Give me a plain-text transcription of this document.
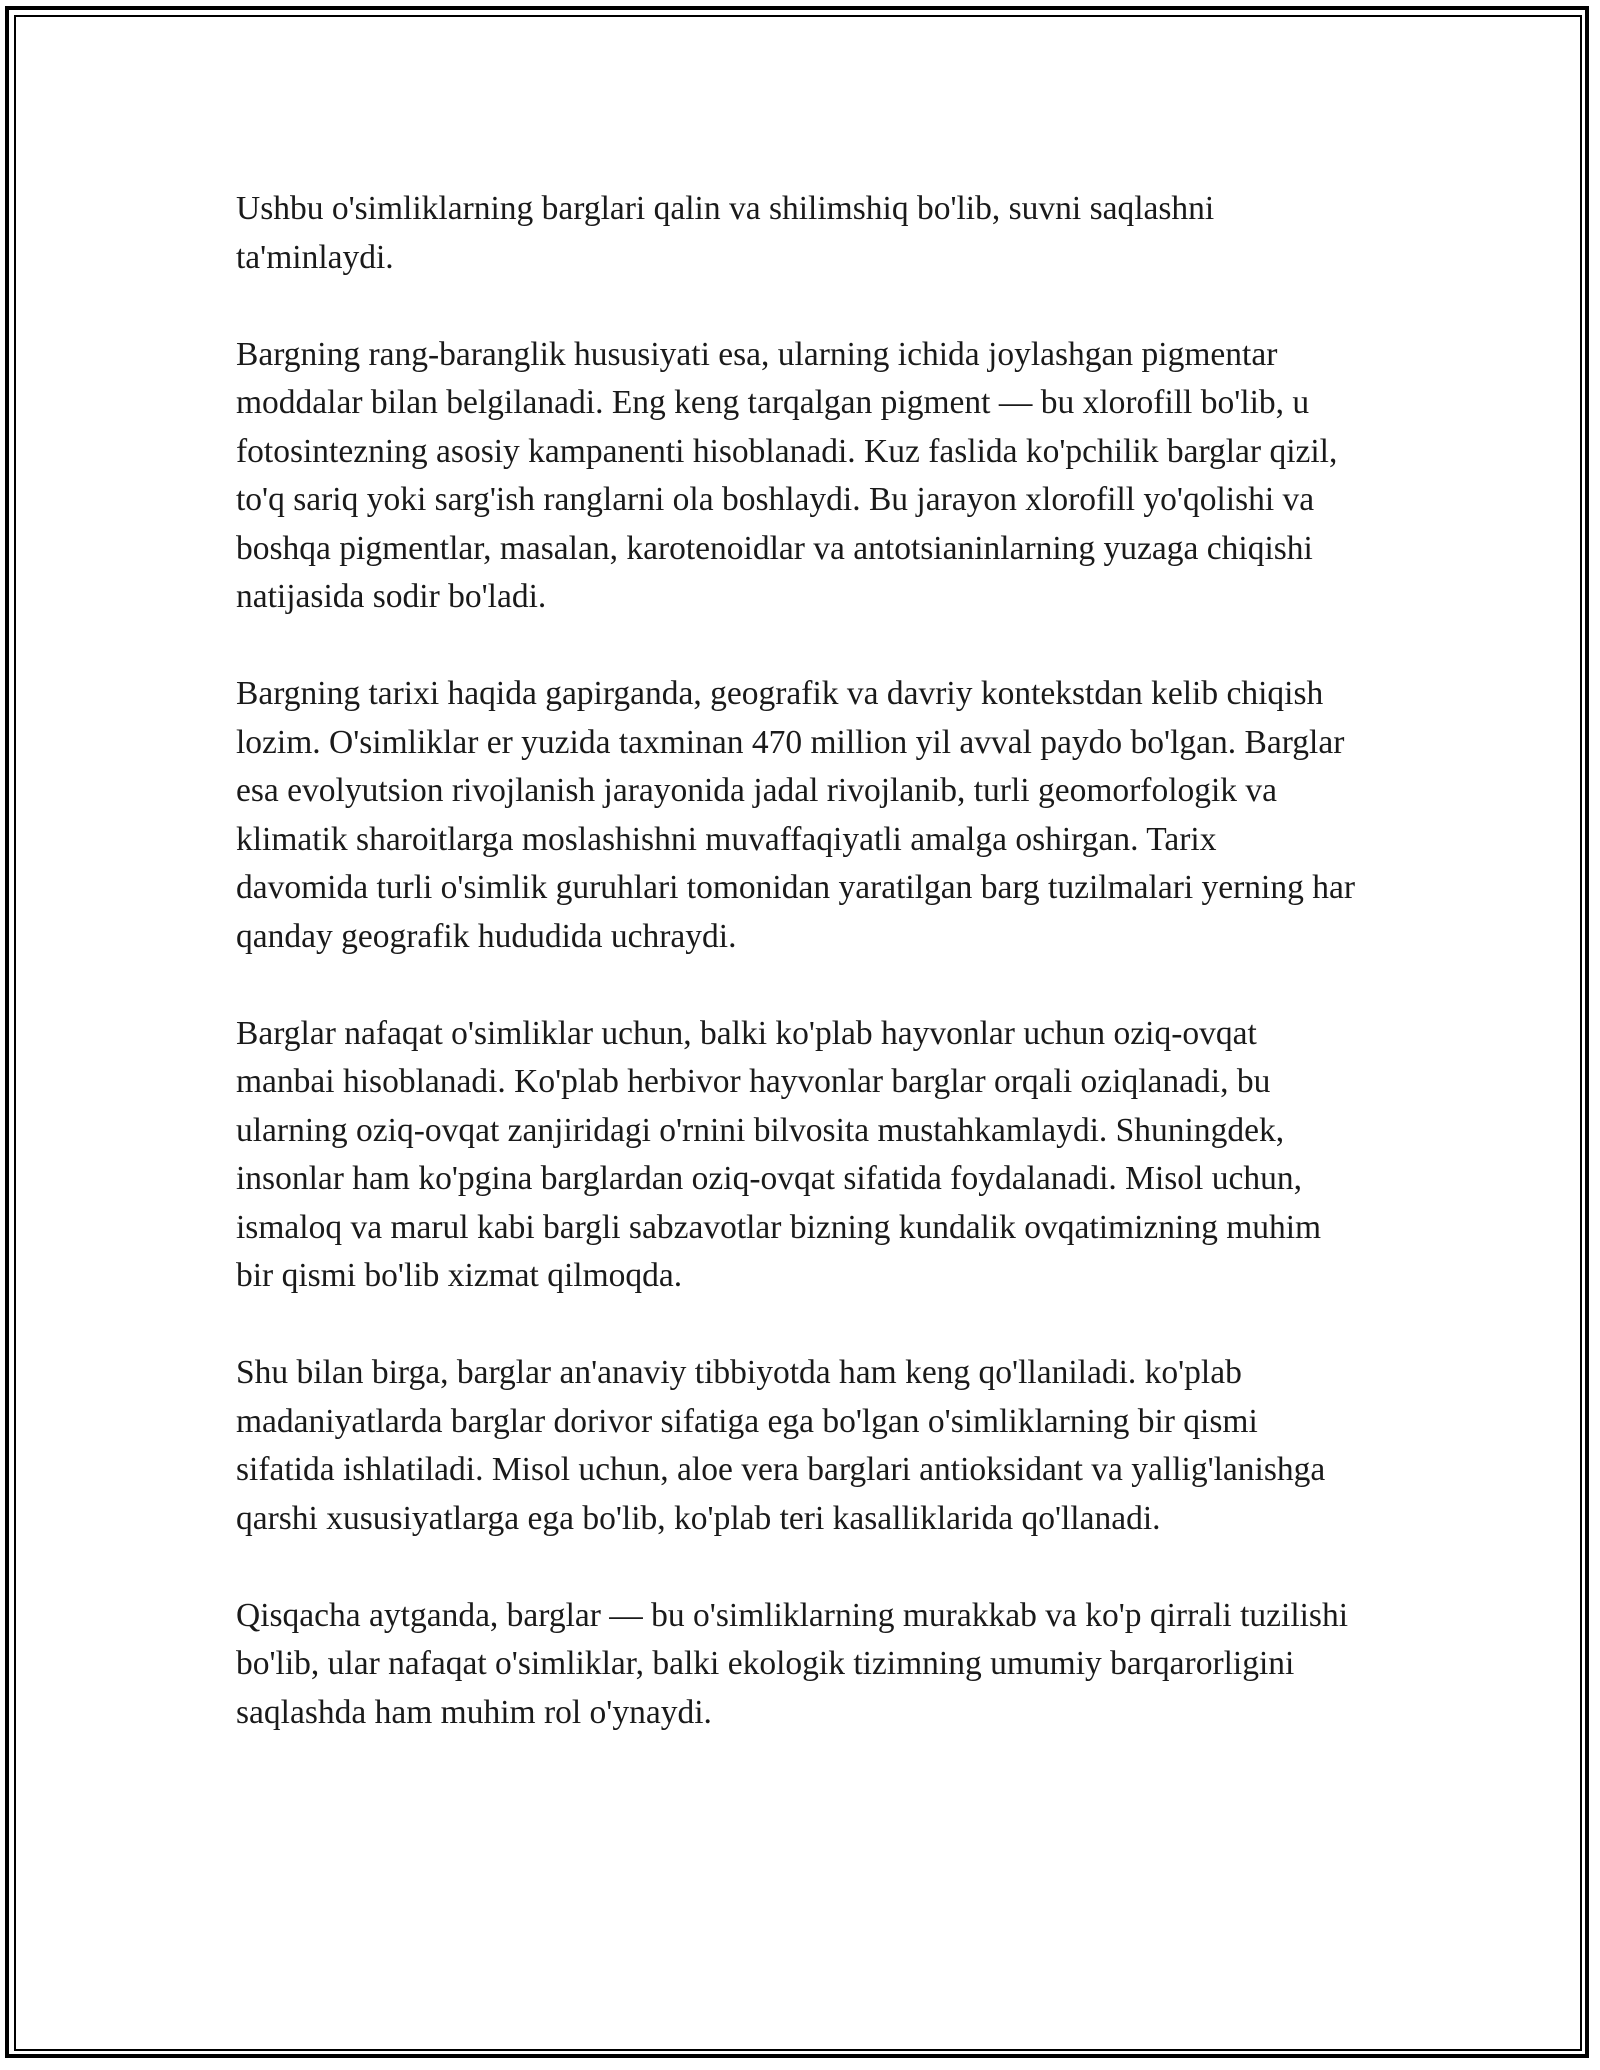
Ushbu o'simliklarning barglari qalin va shilimshiq bo'lib, suvni saqlashni ta'minlaydi.

Bargning rang-baranglik hususiyati esa, ularning ichida joylashgan pigmentar moddalar bilan belgilanadi. Eng keng tarqalgan pigment — bu xlorofill bo'lib, u fotosintezning asosiy kampanenti hisoblanadi. Kuz faslida ko'pchilik barglar qizil, to'q sariq yoki sarg'ish ranglarni ola boshlaydi. Bu jarayon xlorofill yo'qolishi va boshqa pigmentlar, masalan, karotenoidlar va antotsianinlarning yuzaga chiqishi natijasida sodir bo'ladi.

Bargning tarixi haqida gapirganda, geografik va davriy kontekstdan kelib chiqish lozim. O'simliklar er yuzida taxminan 470 million yil avval paydo bo'lgan. Barglar esa evolyutsion rivojlanish jarayonida jadal rivojlanib, turli geomorfologik va klimatik sharoitlarga moslashishni muvaffaqiyatli amalga oshirgan. Tarix davomida turli o'simlik guruhlari tomonidan yaratilgan barg tuzilmalari yerning har qanday geografik hududida uchraydi.

Barglar nafaqat o'simliklar uchun, balki ko'plab hayvonlar uchun oziq-ovqat manbai hisoblanadi. Ko'plab herbivor hayvonlar barglar orqali oziqlanadi, bu ularning oziq-ovqat zanjiridagi o'rnini bilvosita mustahkamlaydi. Shuningdek, insonlar ham ko'pgina barglardan oziq-ovqat sifatida foydalanadi. Misol uchun, ismaloq va marul kabi bargli sabzavotlar bizning kundalik ovqatimizning muhim bir qismi bo'lib xizmat qilmoqda.

Shu bilan birga, barglar an'anaviy tibbiyotda ham keng qo'llaniladi. ko'plab madaniyatlarda barglar dorivor sifatiga ega bo'lgan o'simliklarning bir qismi sifatida ishlatiladi. Misol uchun, aloe vera barglari antioksidant va yallig'lanishga qarshi xususiyatlarga ega bo'lib, ko'plab teri kasalliklarida qo'llanadi.

Qisqacha aytganda, barglar — bu o'simliklarning murakkab va ko'p qirrali tuzilishi bo'lib, ular nafaqat o'simliklar, balki ekologik tizimning umumiy barqarorligini saqlashda ham muhim rol o'ynaydi.
